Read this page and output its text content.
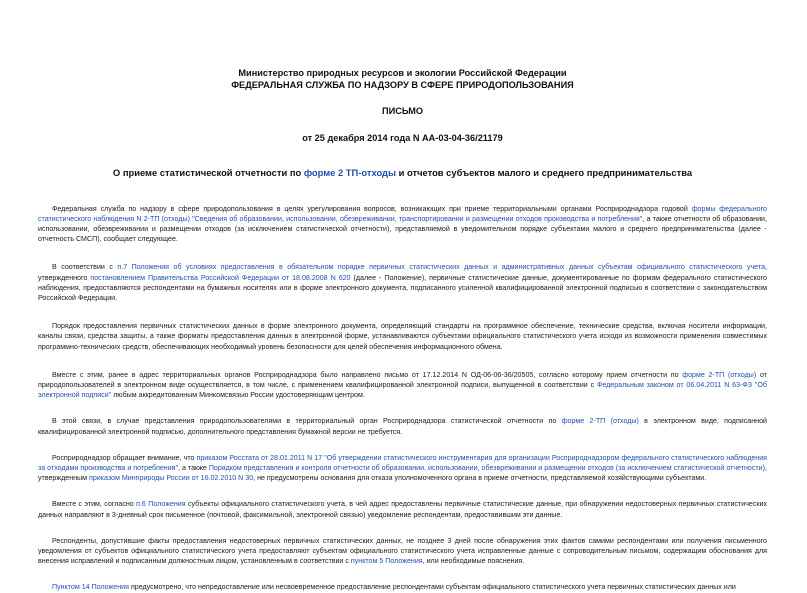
Министерство природных ресурсов и экологии Российской Федерации
ФЕДЕРАЛЬНАЯ СЛУЖБА ПО НАДЗОРУ В СФЕРЕ ПРИРОДОПОЛЬЗОВАНИЯ
ПИСЬМО
от 25 декабря 2014 года N АА-03-04-36/21179
О приеме статистической отчетности по форме 2 ТП-отходы и отчетов субъектов малого и среднего предпринимательства

Федеральная служба по надзору в сфере природопользования в целях урегулирования вопросов, возникающих при приеме территориальными органами Росприроднадзора годовой формы федерального статистического наблюдения N 2-ТП (отходы) "Сведения об образовании, использовании, обезвреживании, транспортировании и размещении отходов производства и потребления", а также отчетности об образовании, использовании, обезвреживании и размещении отходов (за исключением статистической отчетности), представляемой в уведомительном порядке субъектами малого и среднего предпринимательства (далее - отчетность СМСП), сообщает следующее.

В соответствии с п.7 Положения об условиях предоставления в обязательном порядке первичных статистических данных и административных данных субъектам официального статистического учета, утвержденного постановлением Правительства Российской Федерации от 18.08.2008 N 620 (далее - Положение), первичные статистические данные, документированные по формам федерального статистического наблюдения, предоставляются респондентами на бумажных носителях или в форме электронного документа, подписанного усиленной квалифицированной электронной подписью в соответствии с законодательством Российской Федерации.

Порядок предоставления первичных статистических данных в форме электронного документа, определяющий стандарты на программное обеспечение, технические средства, включая носители информации, каналы связи, средства защиты, а также форматы предоставления данных в электронной форме, устанавливаются субъектами официального статистического учета исходя из возможности применения совместимых программно-технических средств, обеспечивающих необходимый уровень безопасности для целей обеспечения информационного обмена.

Вместе с этим, ранее в адрес территориальных органов Росприроднадзора было направлено письмо от 17.12.2014 N ОД-06-06-36/20505, согласно которому прием отчетности по форме 2-ТП (отходы) от природопользователей в электронном виде осуществляется, в том числе, с применением квалифицированной электронной подписи, выпущенной в соответствии с Федеральным законом от 06.04.2011 N 63-ФЗ "Об электронной подписи" любым аккредитованным Минкомсвязью России удостоверяющим центром.

В этой связи, в случае представления природопользователями в территориальный орган Росприроднадзора статистической отчетности по форме 2-ТП (отходы) в электронном виде, подписанной квалифицированной электронной подписью, дополнительного представления бумажной версии не требуется.

Росприроднадзор обращает внимание, что приказом Росстата от 28.01.2011 N 17 "Об утверждении статистического инструментария для организации Росприроднадзором федерального статистического наблюдения за отходами производства и потребления", а также Порядком представления и контроля отчетности об образовании, использовании, обезвреживании и размещении отходов (за исключением статистической отчетности), утвержденным приказом Минприроды России от 16.02.2010 N 30, не предусмотрены основания для отказа уполномоченного органа в приеме отчетности, представляемой хозяйствующими субъектами.

Вместе с этим, согласно п.6 Положения субъекты официального статистического учета, в чей адрес предоставлены первичные статистические данные, при обнаружении недостоверных первичных статистических данных направляют в 3-дневный срок письменное (почтовой, факсимильной, электронной связью) уведомление респондентам, предоставившим эти данные.

Респонденты, допустившие факты предоставления недостоверных первичных статистических данных, не позднее 3 дней после обнаружения этих фактов самими респондентами или получения письменного уведомления от субъектов официального статистического учета предоставляют субъектам официального статистического учета исправленные данные с сопроводительным письмом, содержащим обоснования для внесения исправлений и подписанным должностным лицом, установленным в соответствии с пунктом 5 Положения, или необходимые пояснения.

Пунктом 14 Положения предусмотрено, что непредоставление или несвоевременное предоставление респондентами субъектам официального статистического учета первичных статистических данных или
